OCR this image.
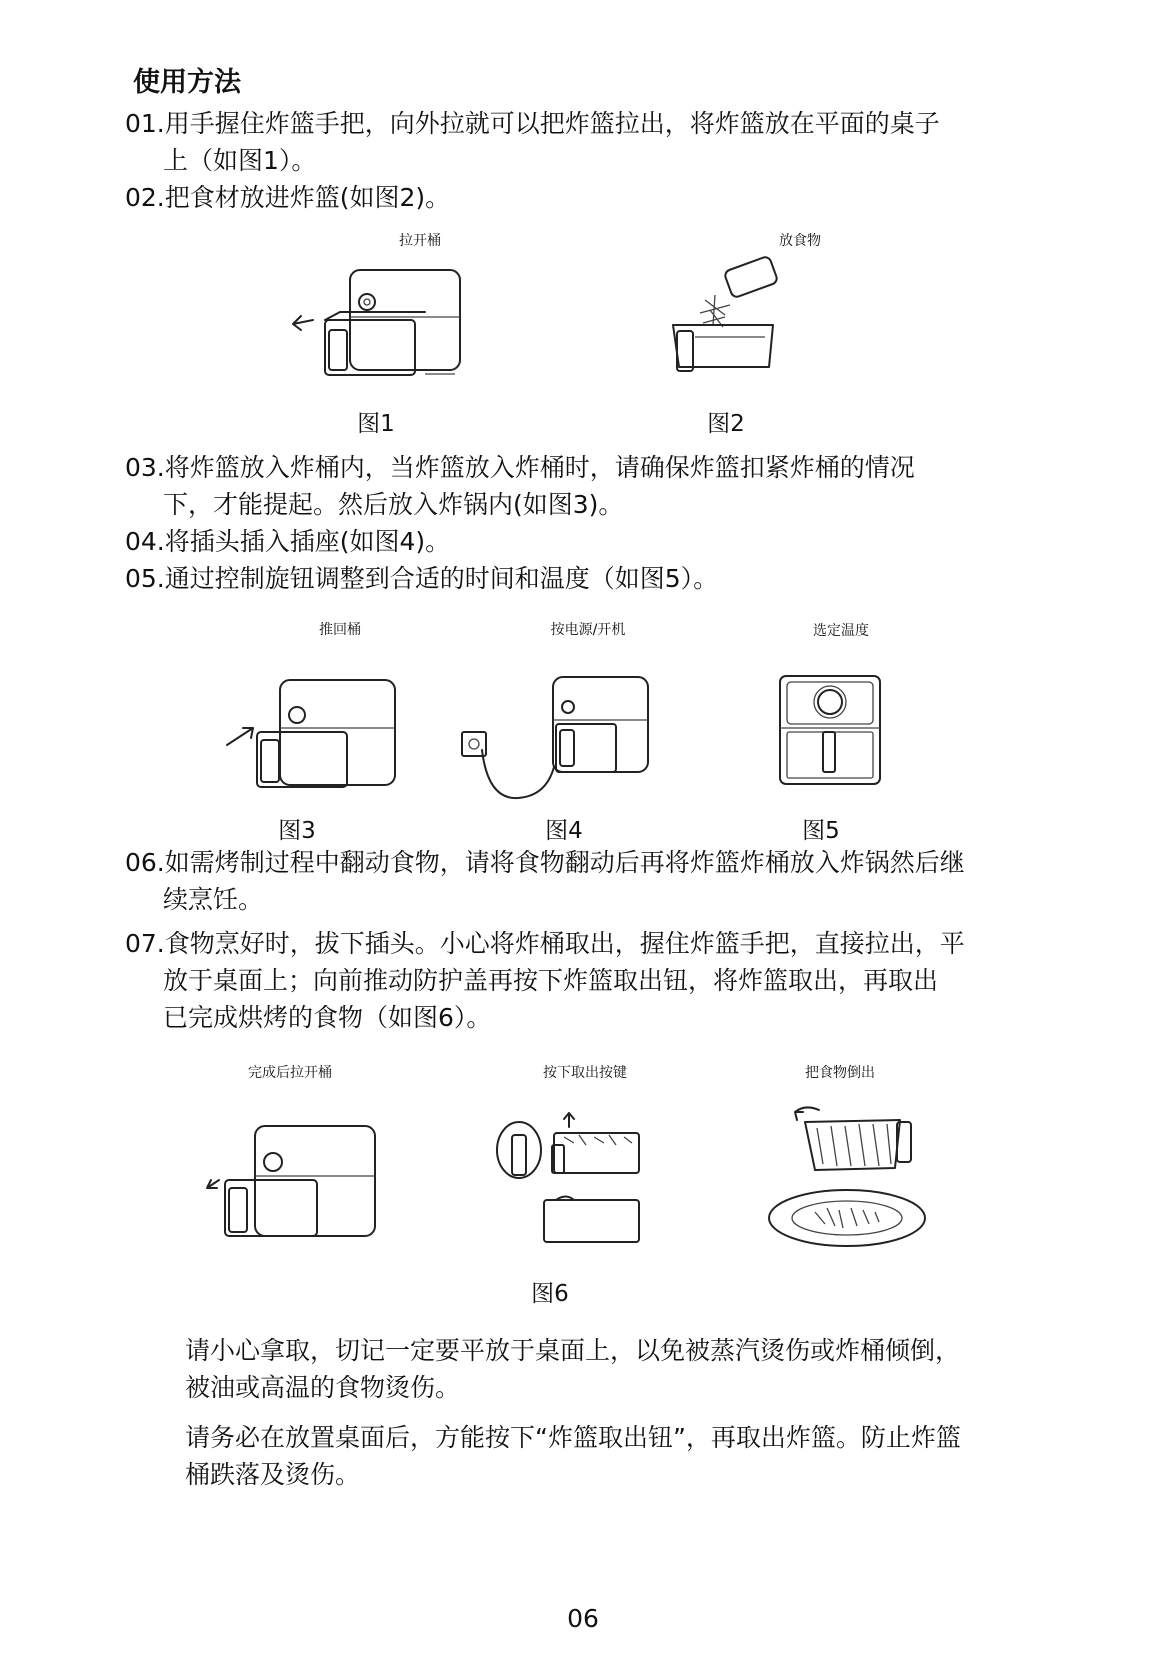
使用方法
01.用手握住炸篮手把，向外拉就可以把炸篮拉出，将炸篮放在平面的桌子
上（如图1）。
02.把食材放进炸篮(如图2)。
拉开桶	放食物
图1	图2
03.将炸篮放入炸桶内，当炸篮放入炸桶时，请确保炸篮扣紧炸桶的情况
下，才能提起。然后放入炸锅内(如图3)。
04.将插头插入插座(如图4)。
05.通过控制旋钮调整到合适的时间和温度（如图5）。
推回桶	按电源/开机	选定温度
图3	图4	图5
06.如需烤制过程中翻动食物，请将食物翻动后再将炸篮炸桶放入炸锅然后继
续烹饪。
07.食物烹好时，拔下插头。小心将炸桶取出，握住炸篮手把，直接拉出，平
放于桌面上；向前推动防护盖再按下炸篮取出钮，将炸篮取出，再取出
已完成烘烤的食物（如图6）。
完成后拉开桶	按下取出按键	把食物倒出
图6
请小心拿取，切记一定要平放于桌面上，以免被蒸汽烫伤或炸桶倾倒，
被油或高温的食物烫伤。
请务必在放置桌面后，方能按下“炸篮取出钮”，再取出炸篮。防止炸篮
桶跌落及烫伤。
06
